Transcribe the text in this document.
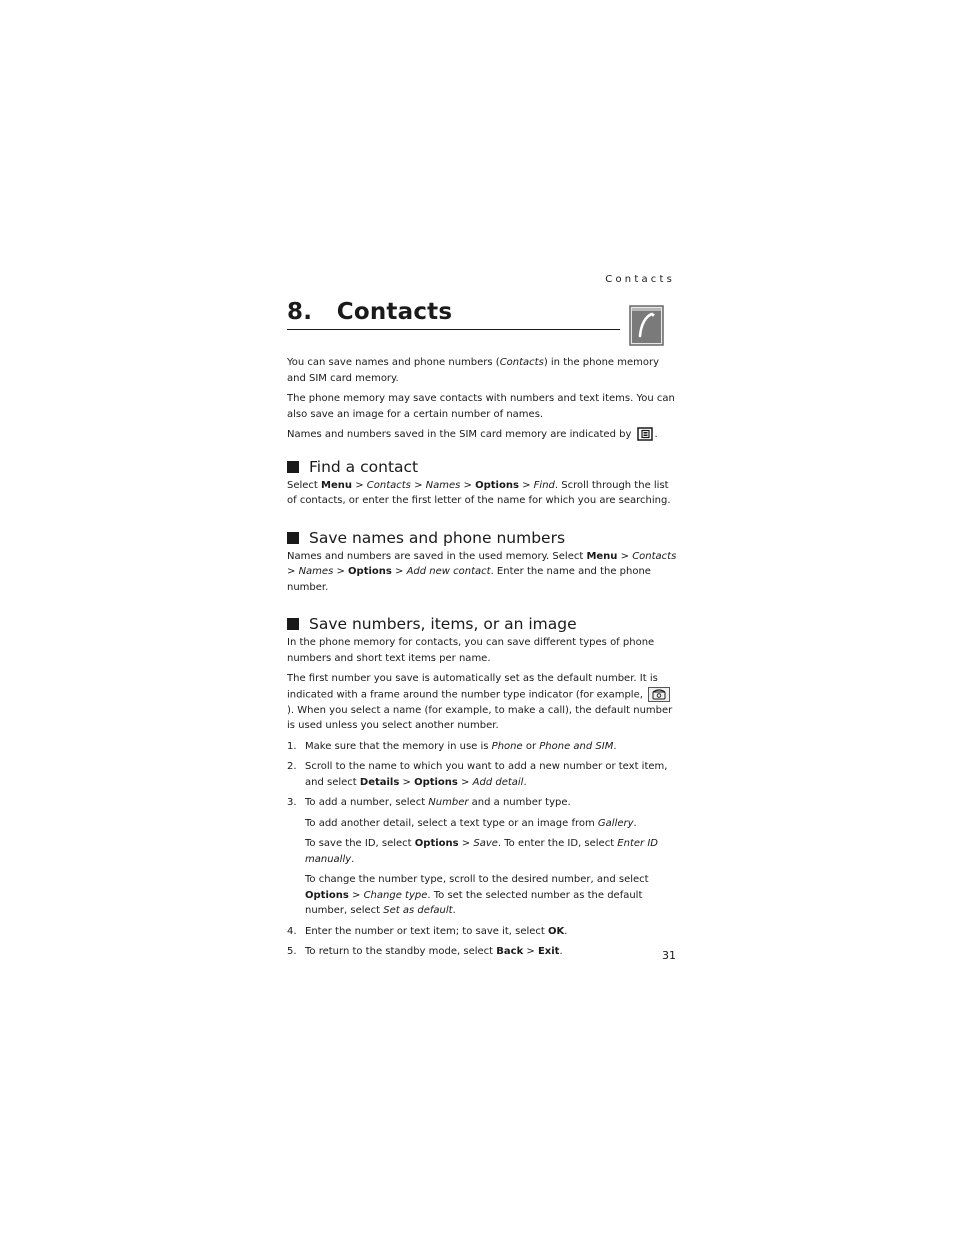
Contacts
8. Contacts

You can save names and phone numbers (Contacts) in the phone memory and SIM card memory.

The phone memory may save contacts with numbers and text items. You can also save an image for a certain number of names.

Names and numbers saved in the SIM card memory are indicated by .

Find a contact

Select Menu > Contacts > Names > Options > Find. Scroll through the list of contacts, or enter the first letter of the name for which you are searching.

Save names and phone numbers

Names and numbers are saved in the used memory. Select Menu > Contacts > Names > Options > Add new contact. Enter the name and the phone number.

Save numbers, items, or an image

In the phone memory for contacts, you can save different types of phone numbers and short text items per name.

The first number you save is automatically set as the default number. It is indicated with a frame around the number type indicator (for example, ). When you select a name (for example, to make a call), the default number is used unless you select another number.

1. Make sure that the memory in use is Phone or Phone and SIM.
2. Scroll to the name to which you want to add a new number or text item, and select Details > Options > Add detail.
3. To add a number, select Number and a number type.

To add another detail, select a text type or an image from Gallery.

To save the ID, select Options > Save. To enter the ID, select Enter ID manually.

To change the number type, scroll to the desired number, and select Options > Change type. To set the selected number as the default number, select Set as default.

4. Enter the number or text item; to save it, select OK.
5. To return to the standby mode, select Back > Exit.	31
